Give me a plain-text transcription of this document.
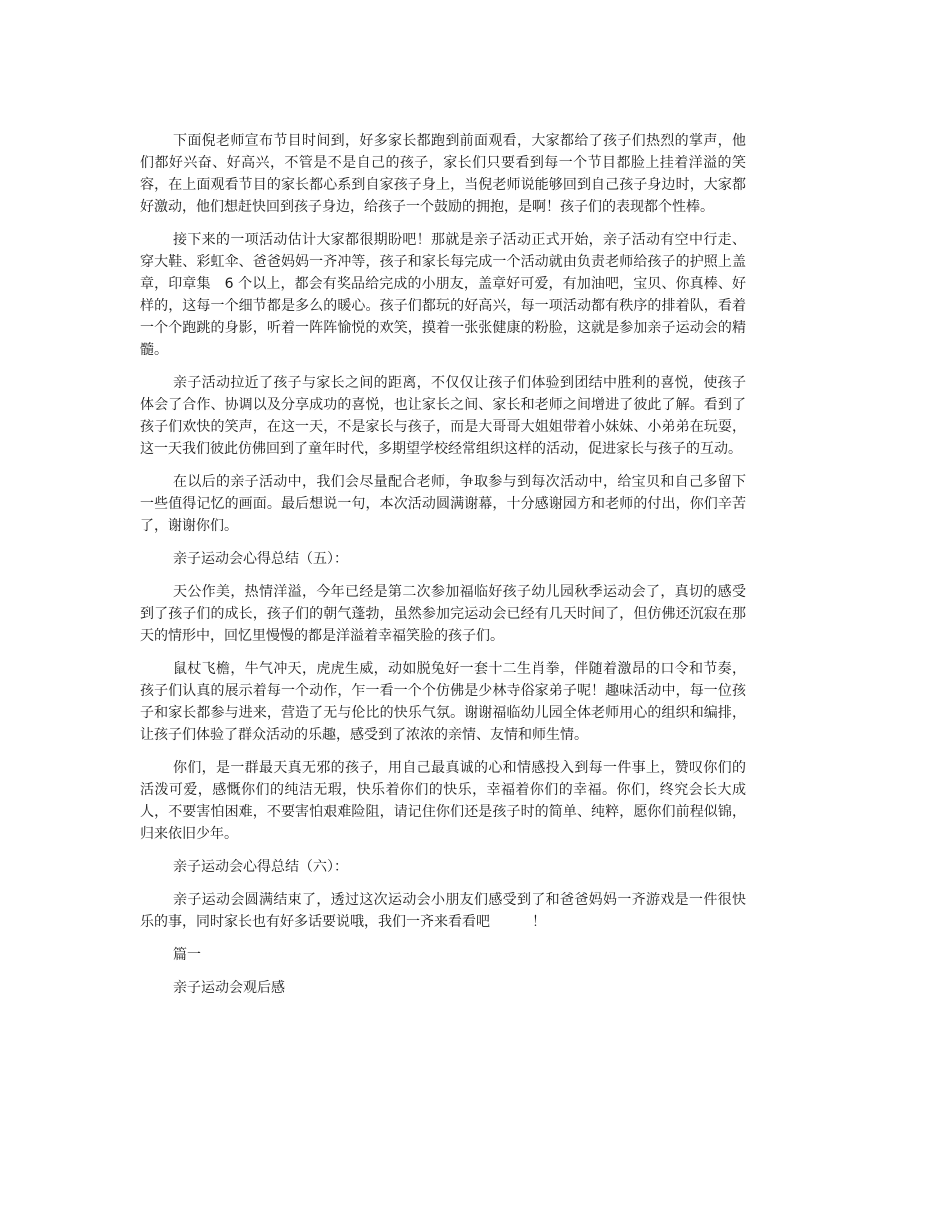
下面倪老师宣布节目时间到，好多家长都跑到前面观看，大家都给了孩子们热烈的掌声，他们都好兴奋、好高兴，不管是不是自己的孩子，家长们只要看到每一个节目都脸上挂着洋溢的笑容，在上面观看节目的家长都心系到自家孩子身上，当倪老师说能够回到自己孩子身边时，大家都好激动，他们想赶快回到孩子身边，给孩子一个鼓励的拥抱，是啊！孩子们的表现都个性棒。

接下来的一项活动估计大家都很期盼吧！那就是亲子活动正式开始，亲子活动有空中行走、穿大鞋、彩虹伞、爸爸妈妈一齐冲等，孩子和家长每完成一个活动就由负责老师给孩子的护照上盖章，印章集　6 个以上，都会有奖品给完成的小朋友，盖章好可爱，有加油吧，宝贝、你真棒、好样的，这每一个细节都是多么的暖心。孩子们都玩的好高兴，每一项活动都有秩序的排着队，看着一个个跑跳的身影，听着一阵阵愉悦的欢笑，摸着一张张健康的粉脸，这就是参加亲子运动会的精髓。

亲子活动拉近了孩子与家长之间的距离，不仅仅让孩子们体验到团结中胜利的喜悦，使孩子体会了合作、协调以及分享成功的喜悦，也让家长之间、家长和老师之间增进了彼此了解。看到了孩子们欢快的笑声，在这一天，不是家长与孩子，而是大哥哥大姐姐带着小妹妹、小弟弟在玩耍，这一天我们彼此仿佛回到了童年时代，多期望学校经常组织这样的活动，促进家长与孩子的互动。

在以后的亲子活动中，我们会尽量配合老师，争取参与到每次活动中，给宝贝和自己多留下一些值得记忆的画面。最后想说一句，本次活动圆满谢幕，十分感谢园方和老师的付出，你们辛苦了，谢谢你们。

亲子运动会心得总结（五）：

天公作美，热情洋溢，今年已经是第二次参加福临好孩子幼儿园秋季运动会了，真切的感受到了孩子们的成长，孩子们的朝气蓬勃，虽然参加完运动会已经有几天时间了，但仿佛还沉寂在那天的情形中，回忆里慢慢的都是洋溢着幸福笑脸的孩子们。

鼠杖飞檐，牛气冲天，虎虎生威，动如脱兔好一套十二生肖拳，伴随着激昂的口令和节奏，孩子们认真的展示着每一个动作，乍一看一个个仿佛是少林寺俗家弟子呢！趣味活动中，每一位孩子和家长都参与进来，营造了无与伦比的快乐气氛。谢谢福临幼儿园全体老师用心的组织和编排，让孩子们体验了群众活动的乐趣，感受到了浓浓的亲情、友情和师生情。

你们，是一群最天真无邪的孩子，用自己最真诚的心和情感投入到每一件事上，赞叹你们的活泼可爱，感慨你们的纯洁无瑕，快乐着你们的快乐，幸福着你们的幸福。你们，终究会长大成人，不要害怕困难，不要害怕艰难险阻，请记住你们还是孩子时的简单、纯粹，愿你们前程似锦，归来依旧少年。

亲子运动会心得总结（六）：

亲子运动会圆满结束了，透过这次运动会小朋友们感受到了和爸爸妈妈一齐游戏是一件很快乐的事，同时家长也有好多话要说哦，我们一齐来看看吧　　　！

篇一

亲子运动会观后感
